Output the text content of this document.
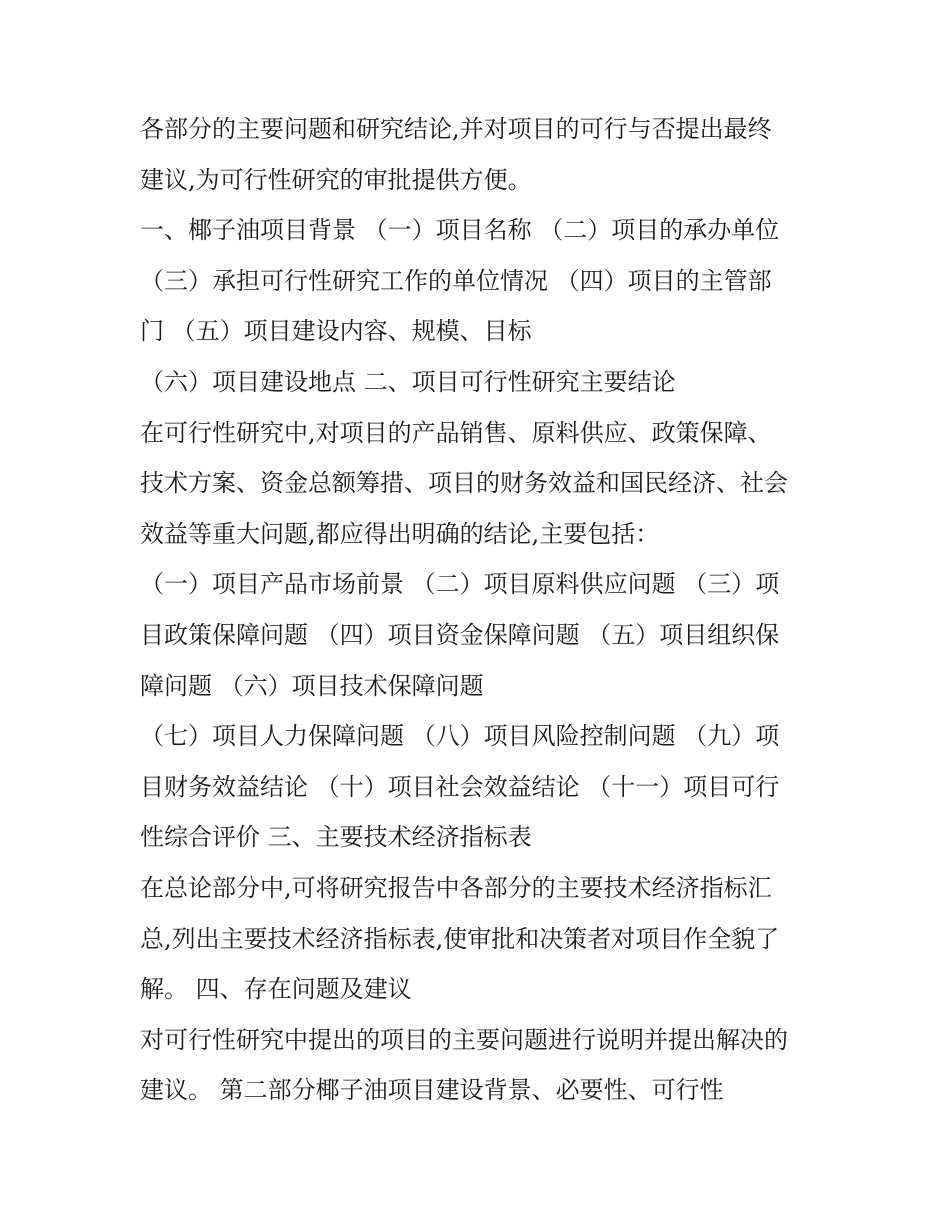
各部分的主要问题和研究结论,并对项目的可行与否提出最终
建议,为可行性研究的审批提供方便。
一、椰子油项目背景 （一）项目名称 （二）项目的承办单位
（三）承担可行性研究工作的单位情况 （四）项目的主管部
门 （五）项目建设内容、规模、目标
（六）项目建设地点 二、项目可行性研究主要结论
在可行性研究中,对项目的产品销售、原料供应、政策保障、
技术方案、资金总额筹措、项目的财务效益和国民经济、社会
效益等重大问题,都应得出明确的结论,主要包括：
（一）项目产品市场前景 （二）项目原料供应问题 （三）项
目政策保障问题 （四）项目资金保障问题 （五）项目组织保
障问题 （六）项目技术保障问题
（七）项目人力保障问题 （八）项目风险控制问题 （九）项
目财务效益结论 （十）项目社会效益结论 （十一）项目可行
性综合评价 三、主要技术经济指标表
在总论部分中,可将研究报告中各部分的主要技术经济指标汇
总,列出主要技术经济指标表,使审批和决策者对项目作全貌了
解。 四、存在问题及建议
对可行性研究中提出的项目的主要问题进行说明并提出解决的
建议。 第二部分椰子油项目建设背景、必要性、可行性
